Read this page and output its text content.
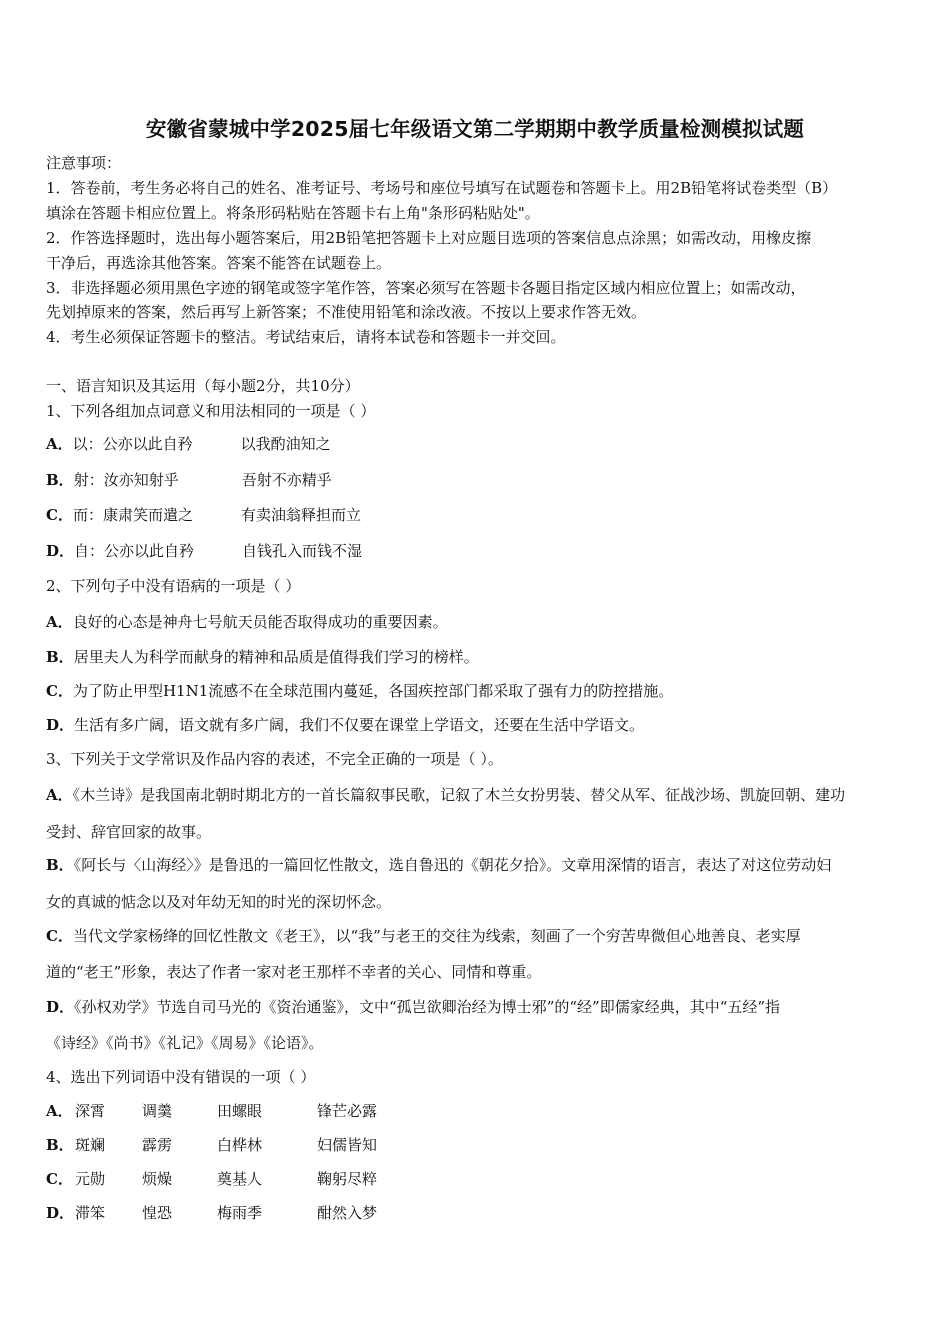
安徽省蒙城中学2025届七年级语文第二学期期中教学质量检测模拟试题
注意事项：
1．答卷前，考生务必将自己的姓名、准考证号、考场号和座位号填写在试题卷和答题卡上。用2B铅笔将试卷类型（B）
填涂在答题卡相应位置上。将条形码粘贴在答题卡右上角"条形码粘贴处"。
2．作答选择题时，选出每小题答案后，用2B铅笔把答题卡上对应题目选项的答案信息点涂黑；如需改动，用橡皮擦
干净后，再选涂其他答案。答案不能答在试题卷上。
3．非选择题必须用黑色字迹的钢笔或签字笔作答，答案必须写在答题卡各题目指定区域内相应位置上；如需改动，
先划掉原来的答案，然后再写上新答案；不准使用铅笔和涂改液。不按以上要求作答无效。
4．考生必须保证答题卡的整洁。考试结束后，请将本试卷和答题卡一并交回。
一、语言知识及其运用（每小题2分，共10分）
1、下列各组加点词意义和用法相同的一项是（ ）
A．以：公亦以此自矜	以我酌油知之
B．射：汝亦知射乎	吾射不亦精乎
C．而：康肃笑而遣之	有卖油翁释担而立
D．自：公亦以此自矜	自钱孔入而钱不湿
2、下列句子中没有语病的一项是（ ）
A．良好的心态是神舟七号航天员能否取得成功的重要因素。
B．居里夫人为科学而献身的精神和品质是值得我们学习的榜样。
C．为了防止甲型H1N1流感不在全球范围内蔓延，各国疾控部门都采取了强有力的防控措施。
D．生活有多广阔，语文就有多广阔，我们不仅要在课堂上学语文，还要在生活中学语文。
3、下列关于文学常识及作品内容的表述，不完全正确的一项是（ ）。
A．《木兰诗》是我国南北朝时期北方的一首长篇叙事民歌，记叙了木兰女扮男装、替父从军、征战沙场、凯旋回朝、建功
受封、辞官回家的故事。
B．《阿长与〈山海经〉》是鲁迅的一篇回忆性散文，选自鲁迅的《朝花夕拾》。文章用深情的语言，表达了对这位劳动妇
女的真诚的惦念以及对年幼无知的时光的深切怀念。
C．当代文学家杨绛的回忆性散文《老王》，以“我”与老王的交往为线索，刻画了一个穷苦卑微但心地善良、老实厚
道的“老王”形象，表达了作者一家对老王那样不幸者的关心、同情和尊重。
D．《孙权劝学》节选自司马光的《资治通鉴》，文中“孤岂欲卿治经为博士邪”的“经”即儒家经典，其中“五经”指
《诗经》《尚书》《礼记》《周易》《论语》。
4、选出下列词语中没有错误的一项（ ）
A． 深霄 调羹	田螺眼	锋芒必露
B．斑斓 霹雳	白桦林	妇儒皆知
C． 元勋 烦燥	奠基人	鞠躬尽粹
D．滞笨 惶恐	梅雨季	酣然入梦
